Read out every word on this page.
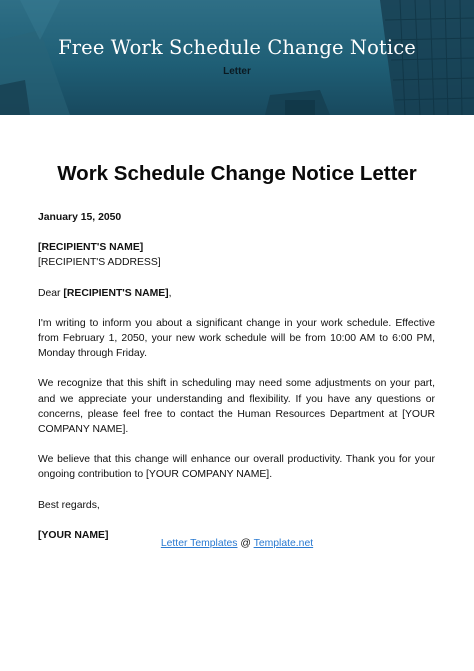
Free Work Schedule Change Notice
Letter
Work Schedule Change Notice Letter

January 15, 2050

[RECIPIENT'S NAME]

[RECIPIENT'S ADDRESS]

Dear [RECIPIENT'S NAME],

I'm writing to inform you about a significant change in your work schedule. Effective from February 1, 2050, your new work schedule will be from 10:00 AM to 6:00 PM, Monday through Friday.

We recognize that this shift in scheduling may need some adjustments on your part, and we appreciate your understanding and flexibility. If you have any questions or concerns, please feel free to contact the Human Resources Department at [YOUR COMPANY NAME].

We believe that this change will enhance our overall productivity. Thank you for your ongoing contribution to [YOUR COMPANY NAME].

Best regards,

[YOUR NAME]

Letter Templates @ Template.net
